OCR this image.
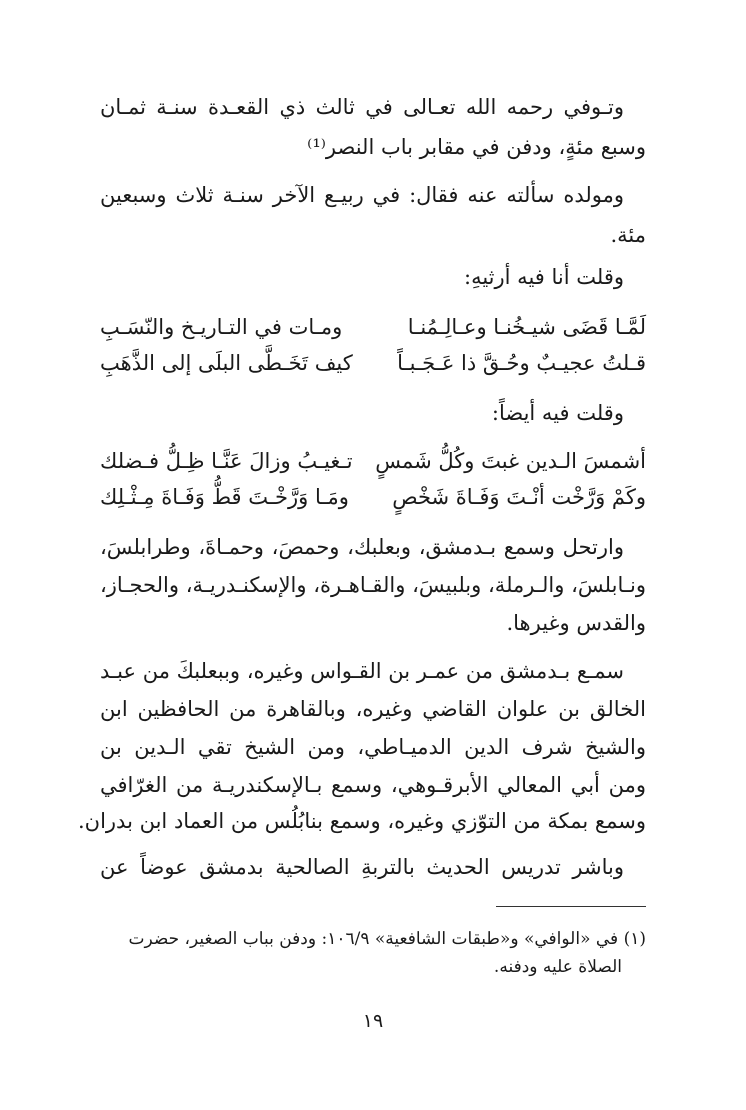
وتـوفي رحمه الله تعـالى في ثالث ذي القعـدة سنـة ثمـان
وسبع مئةٍ، ودفن في مقابر باب النصر⁽¹⁾
ومولده سألته عنه فقال: في ربيـع الآخر سنـة ثلاث وسبعين
مئة.
وقلت أنا فيه أرثيهِ:
لَمَّـا قَضَى شيـخُنـا وعـالِـمُنـا
ومـات في التـاريـخ والنّسَـبِ
قـلتُ عجيـبٌ وحُـقَّ ذا عَـجَـبـاً
كيف تَخَـطَّى البلَى إلى الذَّهَبِ
وقلت فيه أيضاً:
أشمسَ الـدين غبتَ وكُلُّ شَمسٍ
تـغيـبُ وزالَ عَنَّـا ظِـلُّ فـضلك
وكَمْ وَرَّخْت أنْـتَ وَفَـاةَ شَخْصٍ
ومَـا وَرَّخْـتَ قَطُّ وَفَـاةَ مِـثْـلِك
وارتحل وسمع بـدمشق، وبعلبك، وحمصَ، وحمـاةَ، وطرابلسَ،
ونـابلسَ، والـرملة، وبلبيسَ، والقـاهـرة، والإسكنـدريـة، والحجـاز،
والقدس وغيرها.
سمـع بـدمشق من عمـر بن القـواس وغيره، وببعلبكَ من عبـد
الخالق بن علوان القاضي وغيره، وبالقاهرة من الحافظين ابن
والشيخ شرف الدين الدميـاطي، ومن الشيخ تقي الـدين بن
ومن أبي المعالي الأبرقـوهي، وسمع بـالإسكندريـة من الغرّافي
وسمع بمكة من التوّزي وغيره، وسمع بنابُلُس من العماد ابن بدران.
وباشر تدريس الحديث بالتربةِ الصالحية بدمشق عوضاً عن
(١) في «الوافي» و«طبقات الشافعية» ١٠٦/٩: ودفن بباب الصغير، حضرت
الصلاة عليه ودفنه.
١٩
